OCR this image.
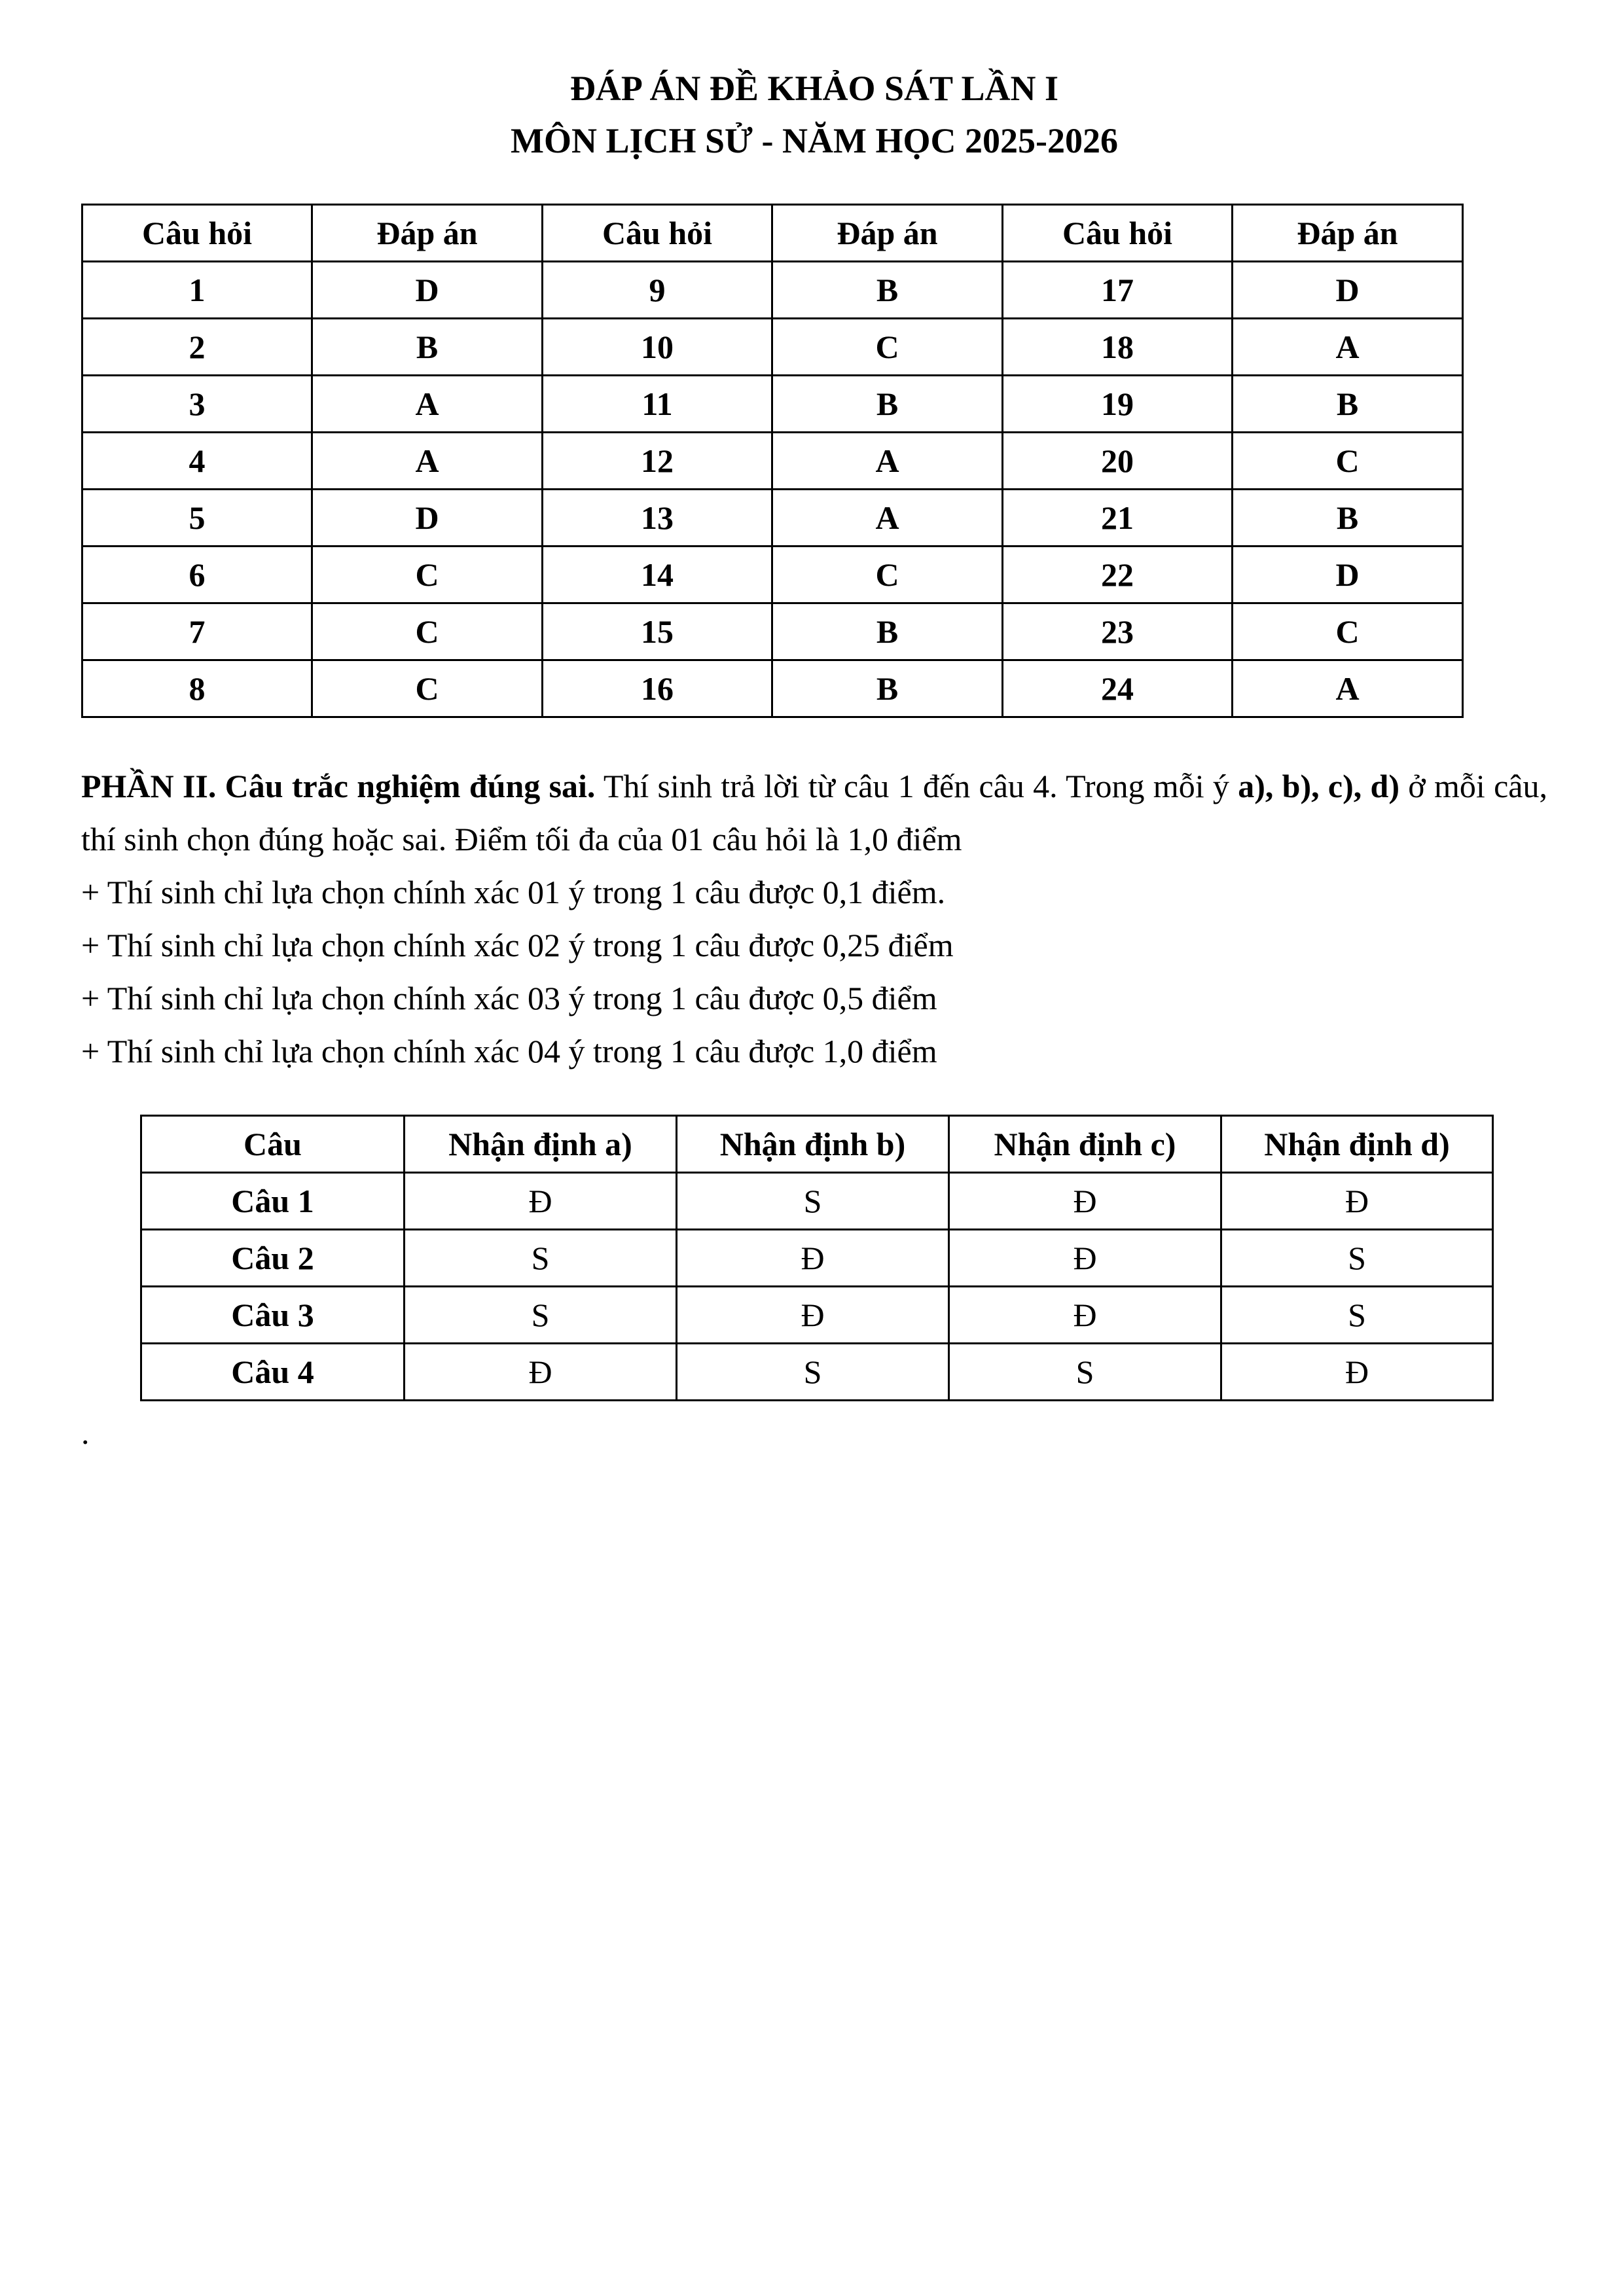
ĐÁP ÁN ĐỀ KHẢO SÁT LẦN I
MÔN LỊCH SỬ - NĂM HỌC 2025-2026
Câu hỏi	Đáp án	Câu hỏi	Đáp án	Câu hỏi	Đáp án
1	D	9	B	17	D
2	B	10	C	18	A
3	A	11	B	19	B
4	A	12	A	20	C
5	D	13	A	21	B
6	C	14	C	22	D
7	C	15	B	23	C
8	C	16	B	24	A
PHẦN II. Câu trắc nghiệm đúng sai. Thí sinh trả lời từ câu 1 đến câu 4. Trong mỗi ý a), b), c), d) ở mỗi câu, thí sinh chọn đúng hoặc sai. Điểm tối đa của 01 câu hỏi là 1,0 điểm
+ Thí sinh chỉ lựa chọn chính xác 01 ý trong 1 câu được 0,1 điểm.
+ Thí sinh chỉ lựa chọn chính xác 02 ý trong 1 câu được 0,25 điểm
+ Thí sinh chỉ lựa chọn chính xác 03 ý trong 1 câu được 0,5 điểm
+ Thí sinh chỉ lựa chọn chính xác 04 ý trong 1 câu được 1,0 điểm
Câu	Nhận định a)	Nhận định b)	Nhận định c)	Nhận định d)
Câu 1	Đ	S	Đ	Đ
Câu 2	S	Đ	Đ	S
Câu 3	S	Đ	Đ	S
Câu 4	Đ	S	S	Đ
.
